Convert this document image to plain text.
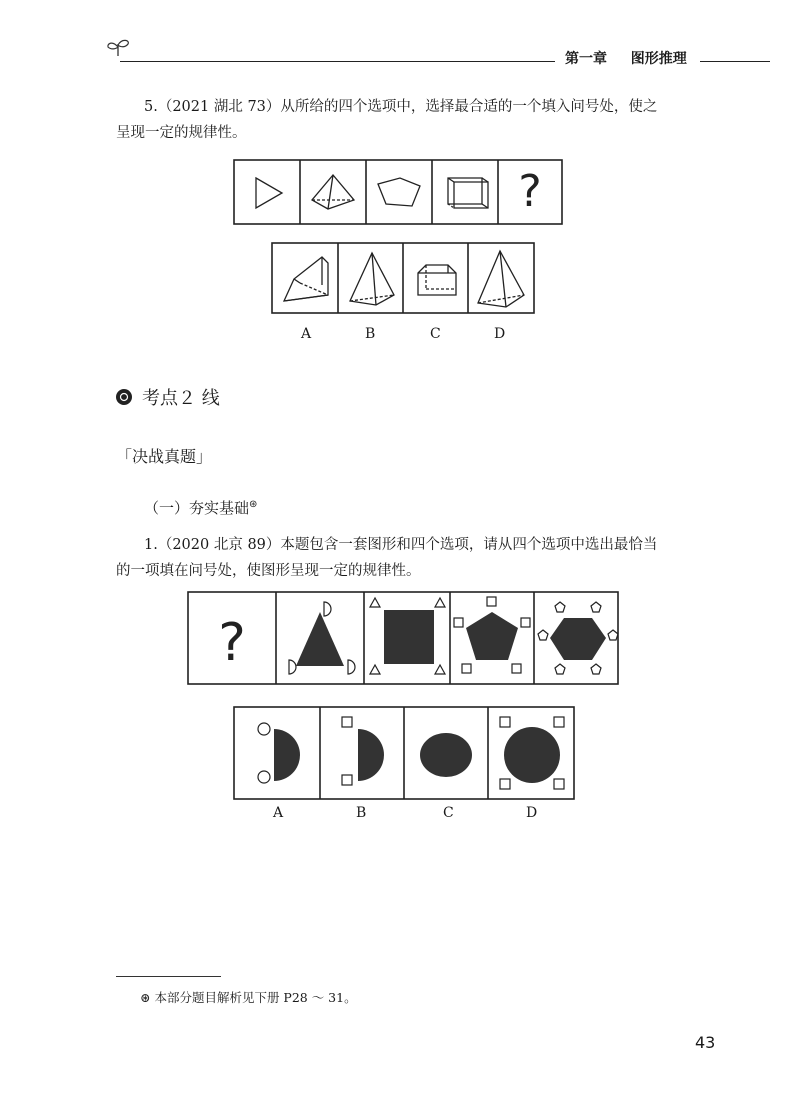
第一章 图形推理
5.（2021 湖北 73）从所给的四个选项中，选择最合适的一个填入问号处，使之
呈现一定的规律性。
?
A	B	C	D
考点２ 线
「决战真题」
（一）夯实基础⊛
1.（2020 北京 89）本题包含一套图形和四个选项，请从四个选项中选出最恰当
的一项填在问号处，使图形呈现一定的规律性。
?
A	B	C	D
⊛ 本部分题目解析见下册 P28 ～ 31。
43
